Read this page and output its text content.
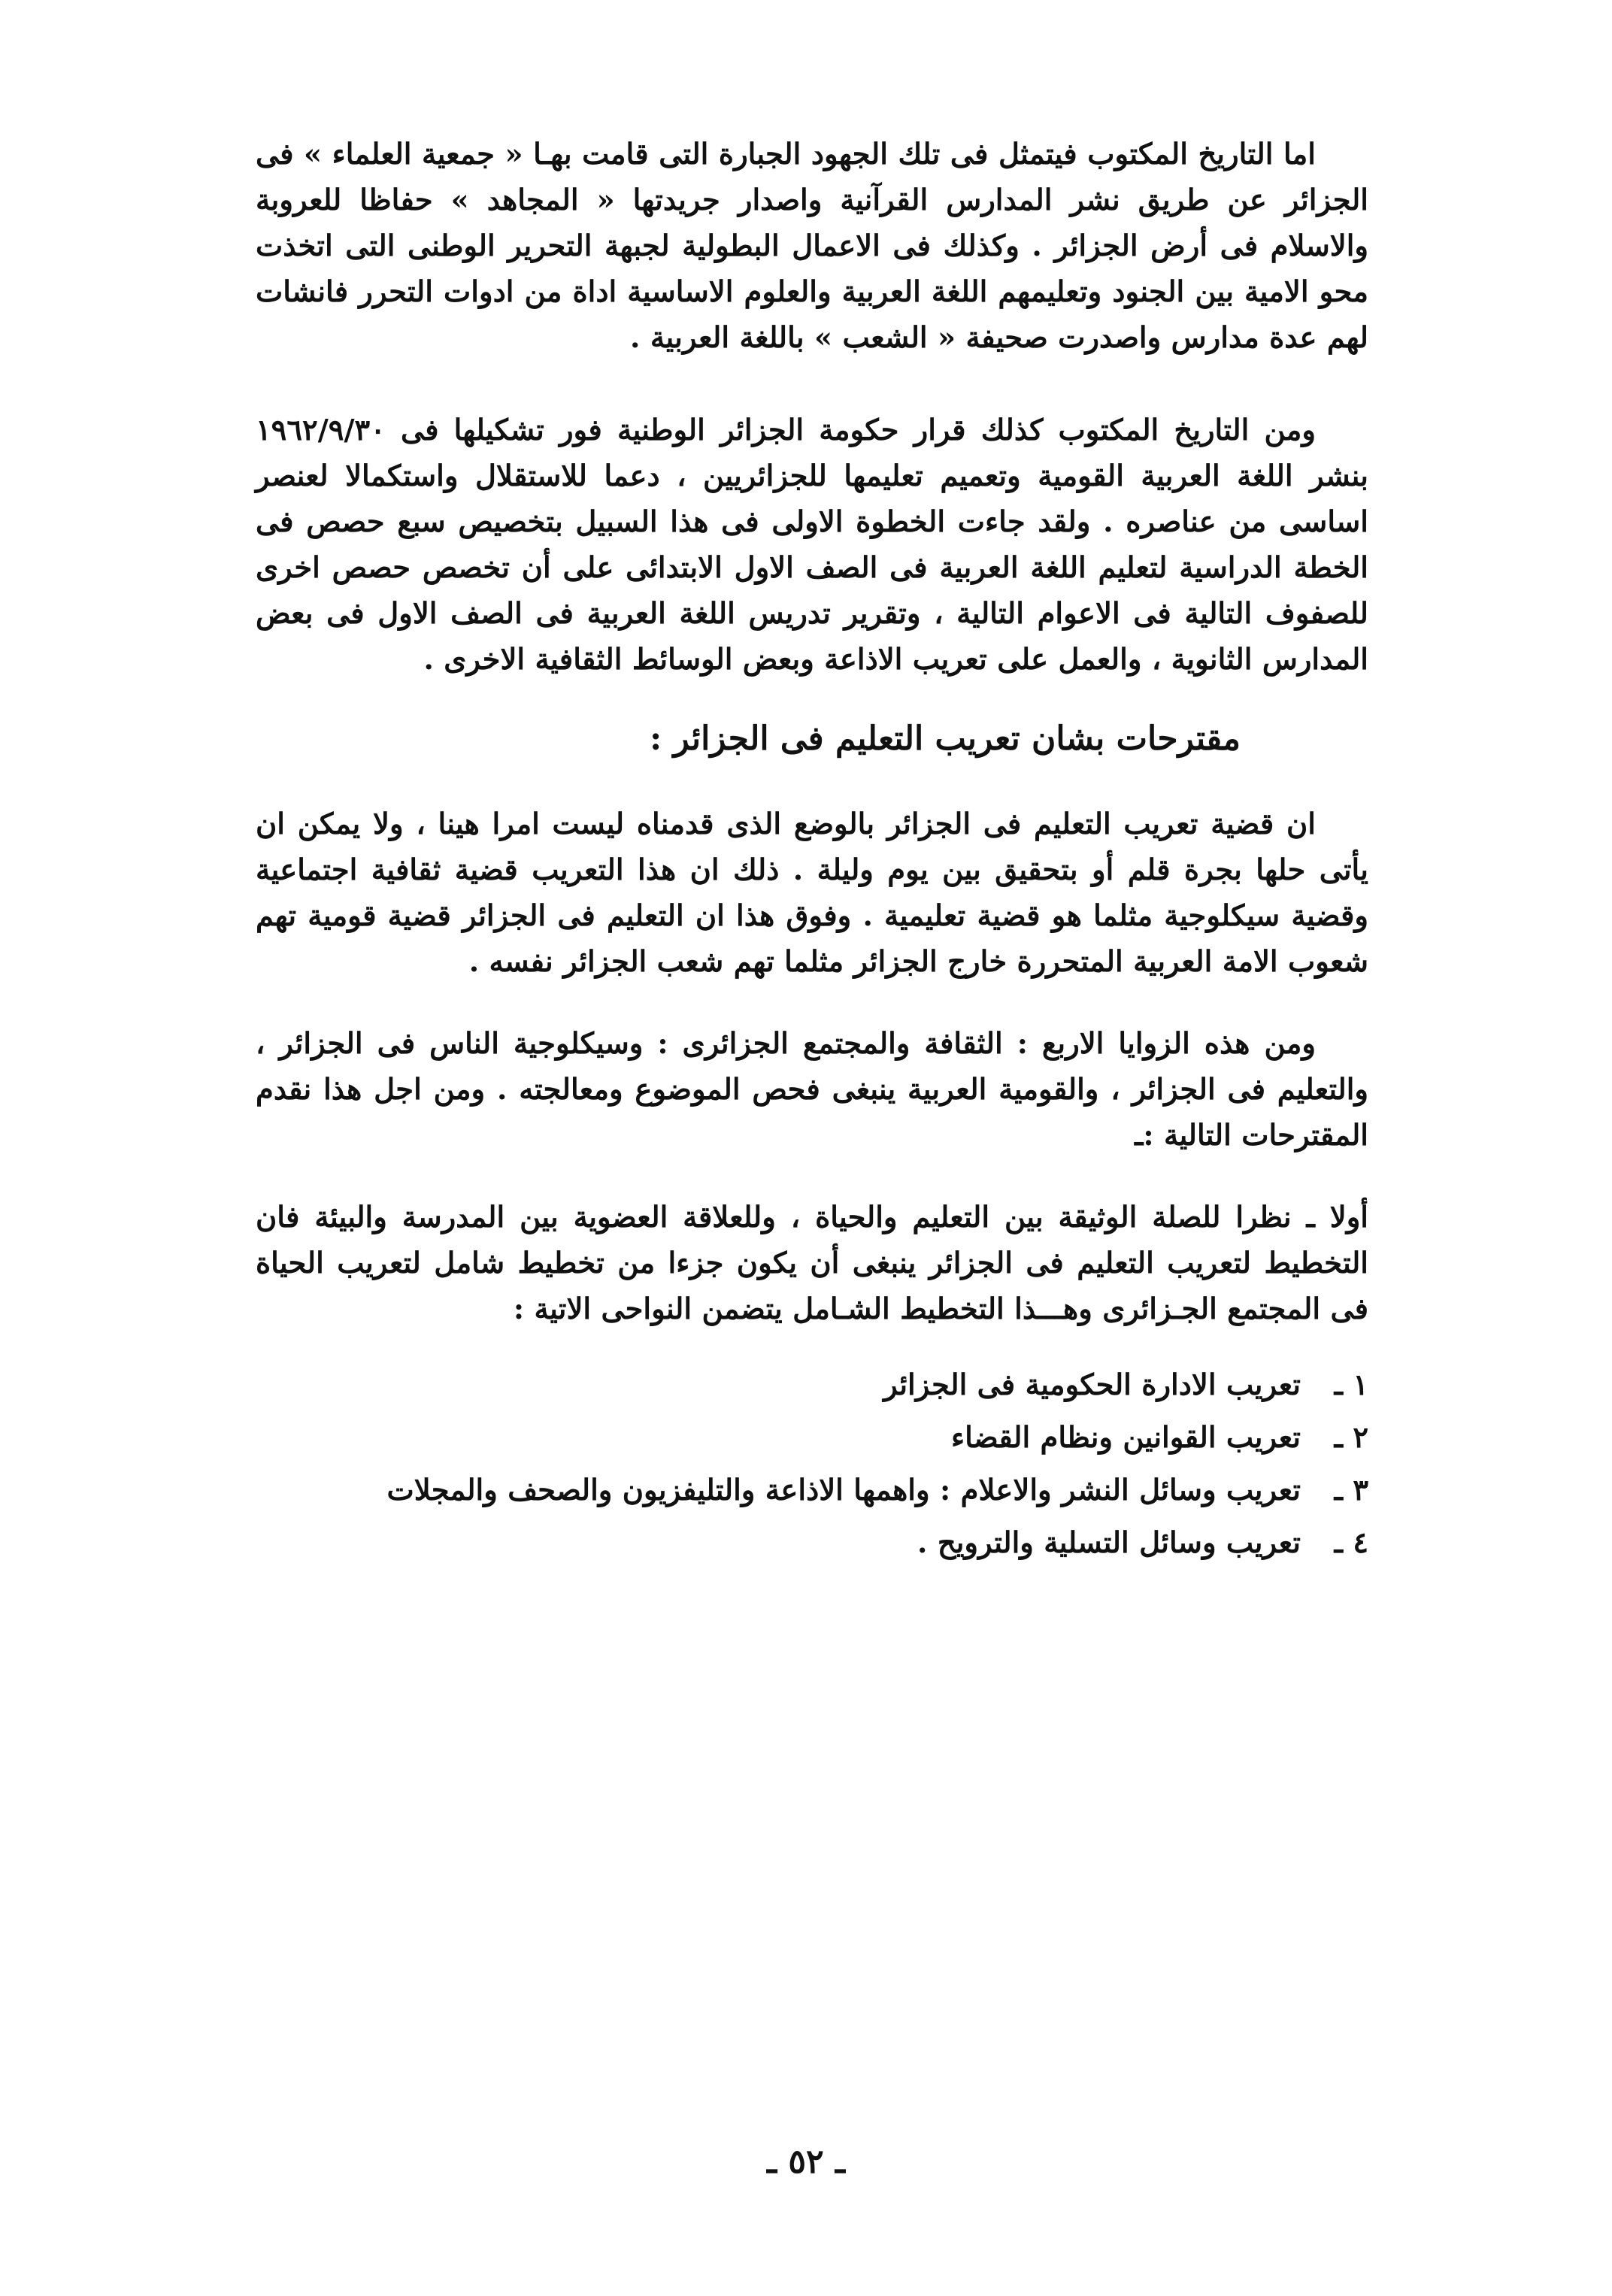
اما التاريخ المكتوب فيتمثل فى تلك الجهود الجبارة التى قامت بهـا « جمعية العلماء » فى الجزائر عن طريق نشر المدارس القرآنية واصدار جريدتها « المجاهد » حفاظا للعروبة والاسلام فى أرض الجزائر . وكذلك فى الاعمال البطولية لجبهة التحرير الوطنى التى اتخذت محو الامية بين الجنود وتعليمهم اللغة العربية والعلوم الاساسية اداة من ادوات التحرر فانشات لهم عدة مدارس واصدرت صحيفة « الشعب » باللغة العربية .

ومن التاريخ المكتوب كذلك قرار حكومة الجزائر الوطنية فور تشكيلها فى ١٩٦٢/٩/٣٠ بنشر اللغة العربية القومية وتعميم تعليمها للجزائريين ، دعما للاستقلال واستكمالا لعنصر اساسى من عناصره . ولقد جاءت الخطوة الاولى فى هذا السبيل بتخصيص سبع حصص فى الخطة الدراسية لتعليم اللغة العربية فى الصف الاول الابتدائى على أن تخصص حصص اخرى للصفوف التالية فى الاعوام التالية ، وتقرير تدريس اللغة العربية فى الصف الاول فى بعض المدارس الثانوية ، والعمل على تعريب الاذاعة وبعض الوسائط الثقافية الاخرى .

مقترحات بشان تعريب التعليم فى الجزائر :

ان قضية تعريب التعليم فى الجزائر بالوضع الذى قدمناه ليست امرا هينا ، ولا يمكن ان يأتى حلها بجرة قلم أو بتحقيق بين يوم وليلة . ذلك ان هذا التعريب قضية ثقافية اجتماعية وقضية سيكلوجية مثلما هو قضية تعليمية . وفوق هذا ان التعليم فى الجزائر قضية قومية تهم شعوب الامة العربية المتحررة خارج الجزائر مثلما تهم شعب الجزائر نفسه .

ومن هذه الزوايا الاربع : الثقافة والمجتمع الجزائرى : وسيكلوجية الناس فى الجزائر ، والتعليم فى الجزائر ، والقومية العربية ينبغى فحص الموضوع ومعالجته . ومن اجل هذا نقدم المقترحات التالية :ـ

أولا ـ نظرا للصلة الوثيقة بين التعليم والحياة ، وللعلاقة العضوية بين المدرسة والبيئة فان التخطيط لتعريب التعليم فى الجزائر ينبغى أن يكون جزءا من تخطيط شامل لتعريب الحياة فى المجتمع الجـزائرى وهـــذا التخطيط الشـامل يتضمن النواحى الاتية :

١ ـ
تعريب الادارة الحكومية فى الجزائر
٢ ـ
تعريب القوانين ونظام القضاء
٣ ـ
تعريب وسائل النشر والاعلام : واهمها الاذاعة والتليفزيون والصحف والمجلات
٤ ـ
تعريب وسائل التسلية والترويح .
ـ ٥٢ ـ
